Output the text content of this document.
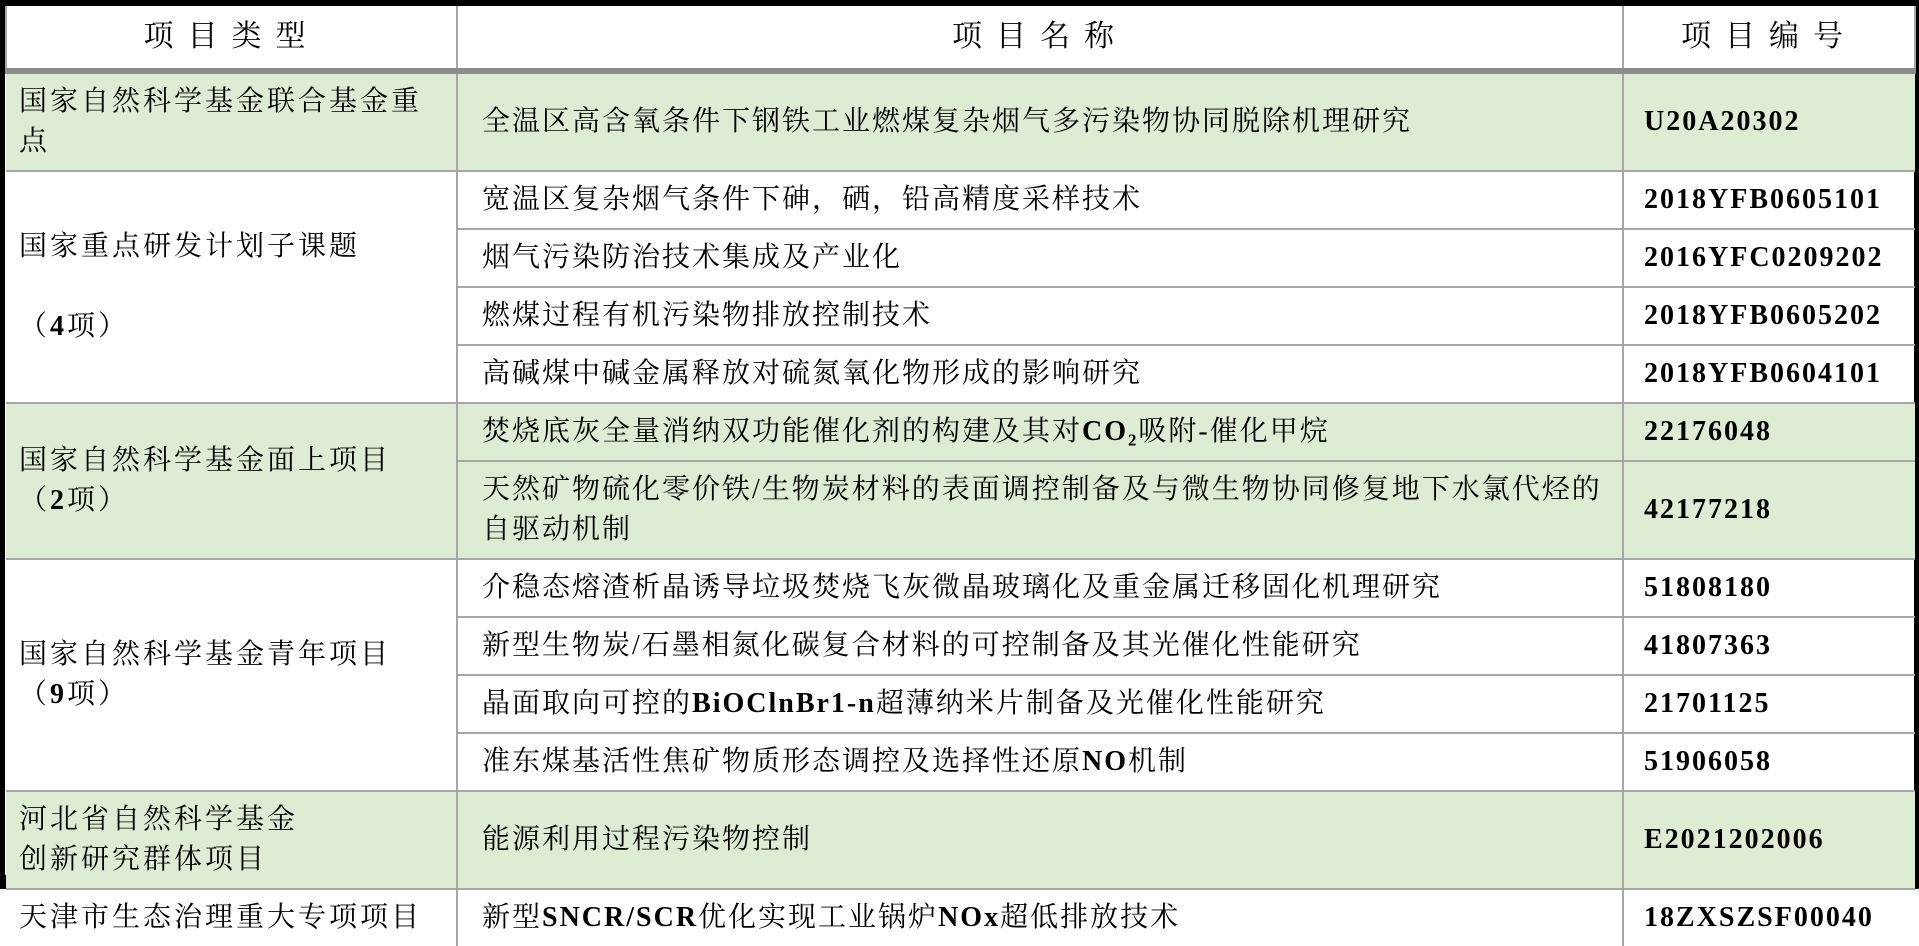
项目类型	项目名称	项目编号

国家自然科学基金联合基金重点	全温区高含氧条件下钢铁工业燃煤复杂烟气多污染物协同脱除机理研究	U20A20302

国家重点研发计划子课题

（4项）	宽温区复杂烟气条件下砷，硒，铅高精度采样技术	2018YFB0605101
	烟气污染防治技术集成及产业化	2016YFC0209202
	燃煤过程有机污染物排放控制技术	2018YFB0605202
	高碱煤中碱金属释放对硫氮氧化物形成的影响研究	2018YFB0604101

国家自然科学基金面上项目
（2项）	焚烧底灰全量消纳双功能催化剂的构建及其对CO₂吸附-催化甲烷	22176048
	天然矿物硫化零价铁/生物炭材料的表面调控制备及与微生物协同修复地下水氯代烃的自驱动机制	42177218

国家自然科学基金青年项目
（9项）	介稳态熔渣析晶诱导垃圾焚烧飞灰微晶玻璃化及重金属迁移固化机理研究	51808180
	新型生物炭/石墨相氮化碳复合材料的可控制备及其光催化性能研究	41807363
	晶面取向可控的BiOClnBr1-n超薄纳米片制备及光催化性能研究	21701125
	准东煤基活性焦矿物质形态调控及选择性还原NO机制	51906058

河北省自然科学基金
创新研究群体项目	能源利用过程污染物控制	E2021202006

天津市生态治理重大专项项目	新型SNCR/SCR优化实现工业锅炉NOx超低排放技术	18ZXSZSF00040
